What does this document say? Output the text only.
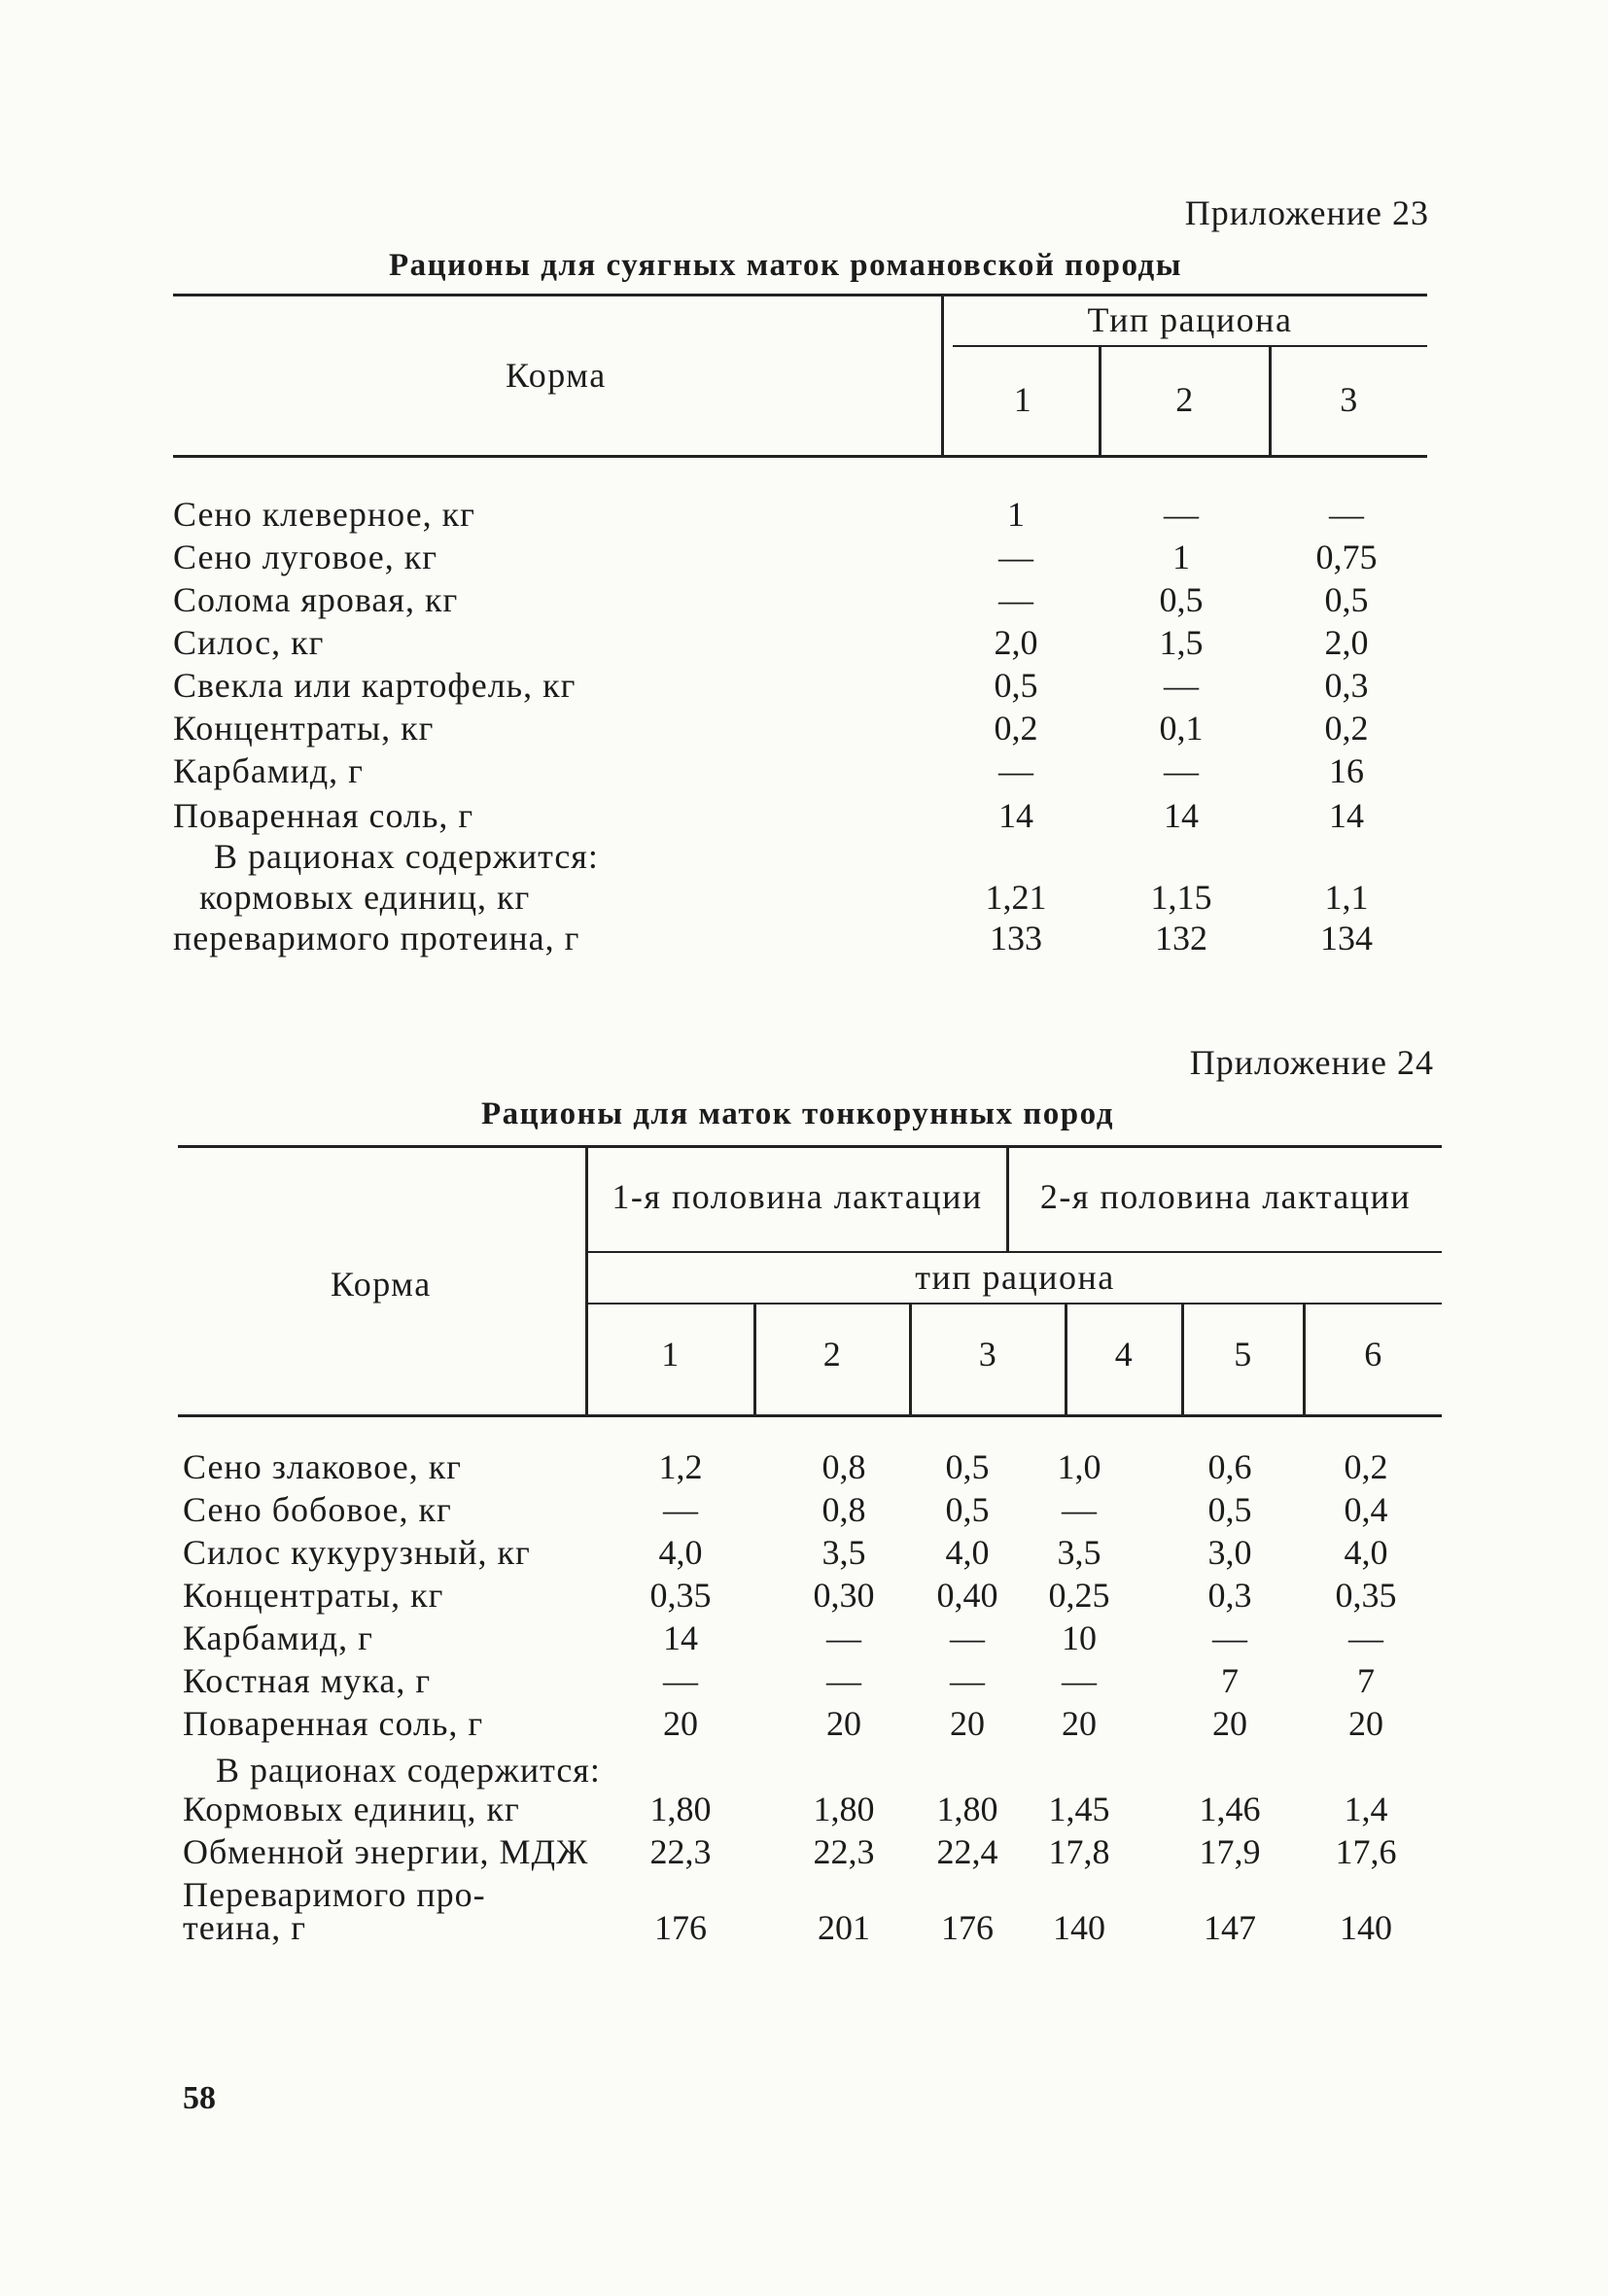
Приложение 23
Рационы для суягных маток романовской породы
Корма
Тип рациона
1	2	3
Сено клеверное, кг	1	—	—
Сено луговое, кг	—	1	0,75
Солома яровая, кг	—	0,5	0,5
Силос, кг	2,0	1,5	2,0
Свекла или картофель, кг	0,5	—	0,3
Концентраты, кг	0,2	0,1	0,2
Карбамид, г	—	—	16
Поваренная соль, г	14	14	14
В рационах содержится:
кормовых единиц, кг	1,21	1,15	1,1
переваримого протеина, г	133	132	134
Приложение 24
Рационы для маток тонкорунных пород
Корма
1-я половина лактации	2-я половина лактации
тип рациона
1	2	3	4	5	6
Сено злаковое, кг	1,2	0,8	0,5	1,0	0,6	0,2
Сено бобовое, кг	—	0,8	0,5	—	0,5	0,4
Силос кукурузный, кг	4,0	3,5	4,0	3,5	3,0	4,0
Концентраты, кг	0,35	0,30	0,40	0,25	0,3	0,35
Карбамид, г	14	—	—	10	—	—
Костная мука, г	—	—	—	—	7	7
Поваренная соль, г	20	20	20	20	20	20
В рационах содержится:
Кормовых единиц, кг	1,80	1,80	1,80	1,45	1,46	1,4
Обменной энергии, МДЖ	22,3	22,3	22,4	17,8	17,9	17,6
Переваримого про-
теина, г	176	201	176	140	147	140
58
